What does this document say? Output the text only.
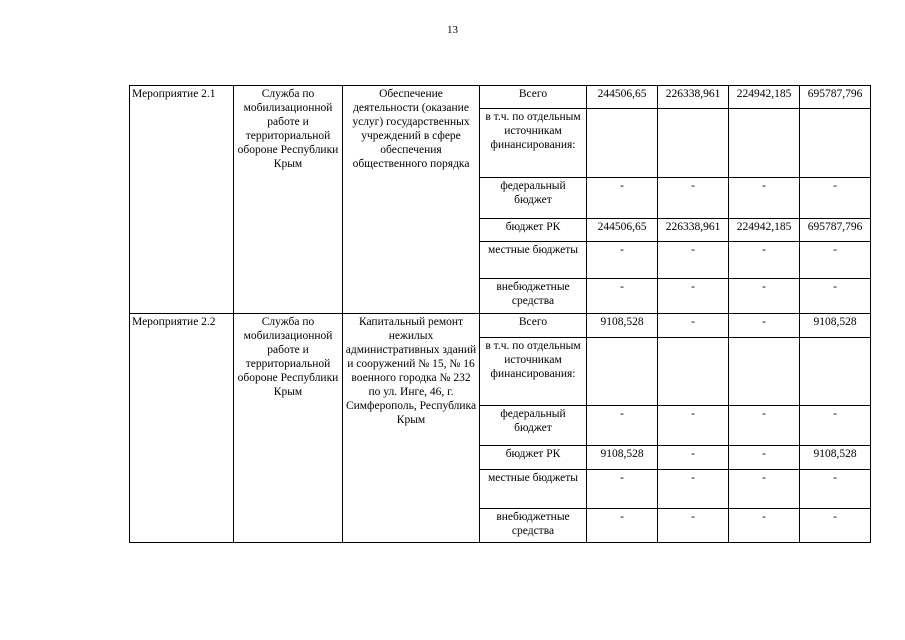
13
Мероприятие 2.1	Служба по мобилизационной работе и территориальной обороне Республики Крым	Обеспечение деятельности (оказание услуг) государственных учреждений в сфере обеспечения общественного порядка	Всего	244506,65	226338,961	224942,185	695787,796
			в т.ч. по отдельным источникам финансирования:				
			федеральный бюджет	-	-	-	-
			бюджет РК	244506,65	226338,961	224942,185	695787,796
			местные бюджеты	-	-	-	-
			внебюджетные средства	-	-	-	-
Мероприятие 2.2	Служба по мобилизационной работе и территориальной обороне Республики Крым	Капитальный ремонт нежилых административных зданий и сооружений № 15, № 16 военного городка № 232 по ул. Инге, 46, г. Симферополь, Республика Крым	Всего	9108,528	-	-	9108,528
			в т.ч. по отдельным источникам финансирования:				
			федеральный бюджет	-	-	-	-
			бюджет РК	9108,528	-	-	9108,528
			местные бюджеты	-	-	-	-
			внебюджетные средства	-	-	-	-
